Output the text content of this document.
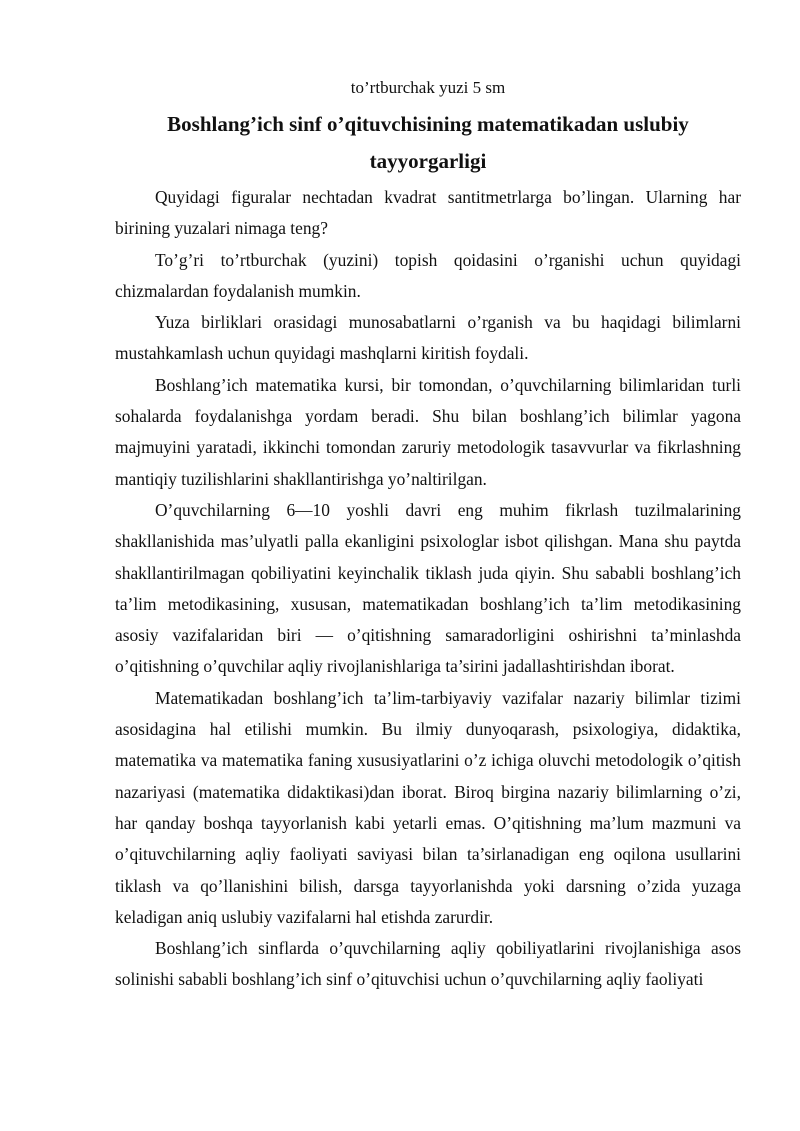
to’rtburchak yuzi 5 sm

Boshlang’ich sinf o’qituvchisining matematikadan uslubiy tayyorgarligi

Quyidagi figuralar nechtadan kvadrat santitmetrlarga bo’lingan. Ularning har birining yuzalari nimaga teng?

To’g’ri to’rtburchak (yuzini) topish qoidasini o’rganishi uchun quyidagi chizmalardan foydalanish mumkin.

Yuza birliklari orasidagi munosabatlarni o’rganish va bu haqidagi bilimlarni mustahkamlash uchun quyidagi mashqlarni kiritish foydali.

Boshlang’ich matematika kursi, bir tomondan, o’quvchilarning bilimlaridan turli sohalarda foydalanishga yordam beradi. Shu bilan boshlang’ich bilimlar yagona majmuyini yaratadi, ikkinchi tomondan zaruriy metodologik tasavvurlar va fikrlashning mantiqiy tuzilishlarini shakllantirishga yo’naltirilgan.

O’quvchilarning 6—10 yoshli davri eng muhim fikrlash tuzilmalarining shakllanishida mas’ulyatli palla ekanligini psixologlar isbot qilishgan. Mana shu paytda shakllantirilmagan qobiliyatini keyinchalik tiklash juda qiyin. Shu sababli boshlang’ich ta’lim metodikasining, xususan, matematikadan boshlang’ich ta’lim metodikasining asosiy vazifalaridan biri — o’qitishning samaradorligini oshirishni ta’minlashda o’qitishning o’quvchilar aqliy rivojlanishlariga ta’sirini jadallashtirishdan iborat.

Matematikadan boshlang’ich ta’lim-tarbiyaviy vazifalar nazariy bilimlar tizimi asosidagina hal etilishi mumkin. Bu ilmiy dunyoqarash, psixologiya, didaktika, matematika va matematika faning xususiyatlarini o’z ichiga oluvchi metodologik o’qitish nazariyasi (matematika didaktikasi)dan iborat. Biroq birgina nazariy bilimlarning o’zi, har qanday boshqa tayyorlanish kabi yetarli emas. O’qitishning ma’lum mazmuni va o’qituvchilarning aqliy faoliyati saviyasi bilan ta’sirlanadigan eng oqilona usullarini tiklash va qo’llanishini bilish, darsga tayyorlanishda yoki darsning o’zida yuzaga keladigan aniq uslubiy vazifalarni hal etishda zarurdir.

Boshlang’ich sinflarda o’quvchilarning aqliy qobiliyatlarini rivojlanishiga asos solinishi sababli boshlang’ich sinf o’qituvchisi uchun o’quvchilarning aqliy faoliyati
